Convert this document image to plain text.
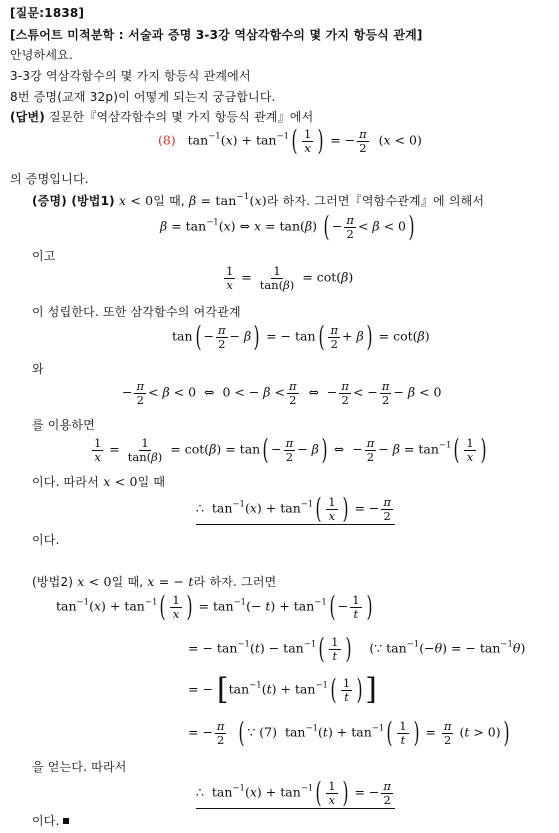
[질문:1838]
[스튜어트 미적분학 : 서술과 증명 3-3강 역삼각함수의 몇 가지 항등식 관계]
안녕하세요.
3-3강 역삼각함수의 몇 가지 항등식 관계에서
8번 증명(교재 32p)이 어떻게 되는지 궁금합니다.
(답변) 질문한『역삼각함수의 몇 가지 항등식 관계』에서
(8)   $\tan^{-1}(x) + \tan^{-1}( \frac{1}{x}$ ) = − $\frac{\pi}{2} (x < 0)$
의 증명입니다.
(증명) (방법1) x < 0일 때, $\beta = \tan^{-1}(x)$라 하자. 그러면『역함수관계』에 의해서
$\beta = \tan^{-1}(x)$ ⇔ x = tan(β) ( − $\frac{\pi}{2} < \beta < 0$)
이고
$\frac{1}{x} = \frac{1}{\tan(\beta)} = \cot(\beta)$
이 성립한다. 또한 삼각함수의 여각관계
$\tan( - \frac{\pi}{2} - \beta)$ = − $\tan( \frac{\pi}{2} + \beta) = \cot(\beta)$
와
− $\frac{\pi}{2} < \beta < 0$  ⇔  0 < − $\beta < \frac{\pi}{2}$ ⇔  − $\frac{\pi}{2}$ < − $\frac{\pi}{2} - \beta < 0$
를 이용하면
$\frac{1}{x} = \frac{1}{\tan(\beta)} = \cot(\beta) = \tan( - \frac{\pi}{2} - \beta)$ ⇔  − $\frac{\pi}{2} - \beta = \tan^{-1}( \frac{1}{x}$ )
이다. 따라서 x < 0일 때
∴  $\tan^{-1}(x) + \tan^{-1}( \frac{1}{x}$ ) = − $\frac{\pi}{2}$
이다.
(방법2) x < 0일 때, x = − t라 하자. 그러면
$\tan^{-1}(x) + \tan^{-1}( \frac{1}{x}$ ) = $\tan^{-1}(- t) + \tan^{-1}( - \frac{1}{t}$ )
= − $\tan^{-1}(t) - \tan^{-1}( \frac{1}{t}$ )    (∵ $\tan^{-1}(-\theta)$ = − $\tan^{-1}\theta$)
= − [$\tan^{-1}(t) + \tan^{-1}( \frac{1}{t}$ )]
= − $\frac{\pi}{2}$ ( ∵ (7)  $\tan^{-1}(t) + \tan^{-1}( \frac{1}{t}$ ) = $\frac{\pi}{2} (t > 0)$)
을 얻는다. 따라서
∴  $\tan^{-1}(x) + \tan^{-1}( \frac{1}{x}$ ) = − $\frac{\pi}{2}$
이다.
